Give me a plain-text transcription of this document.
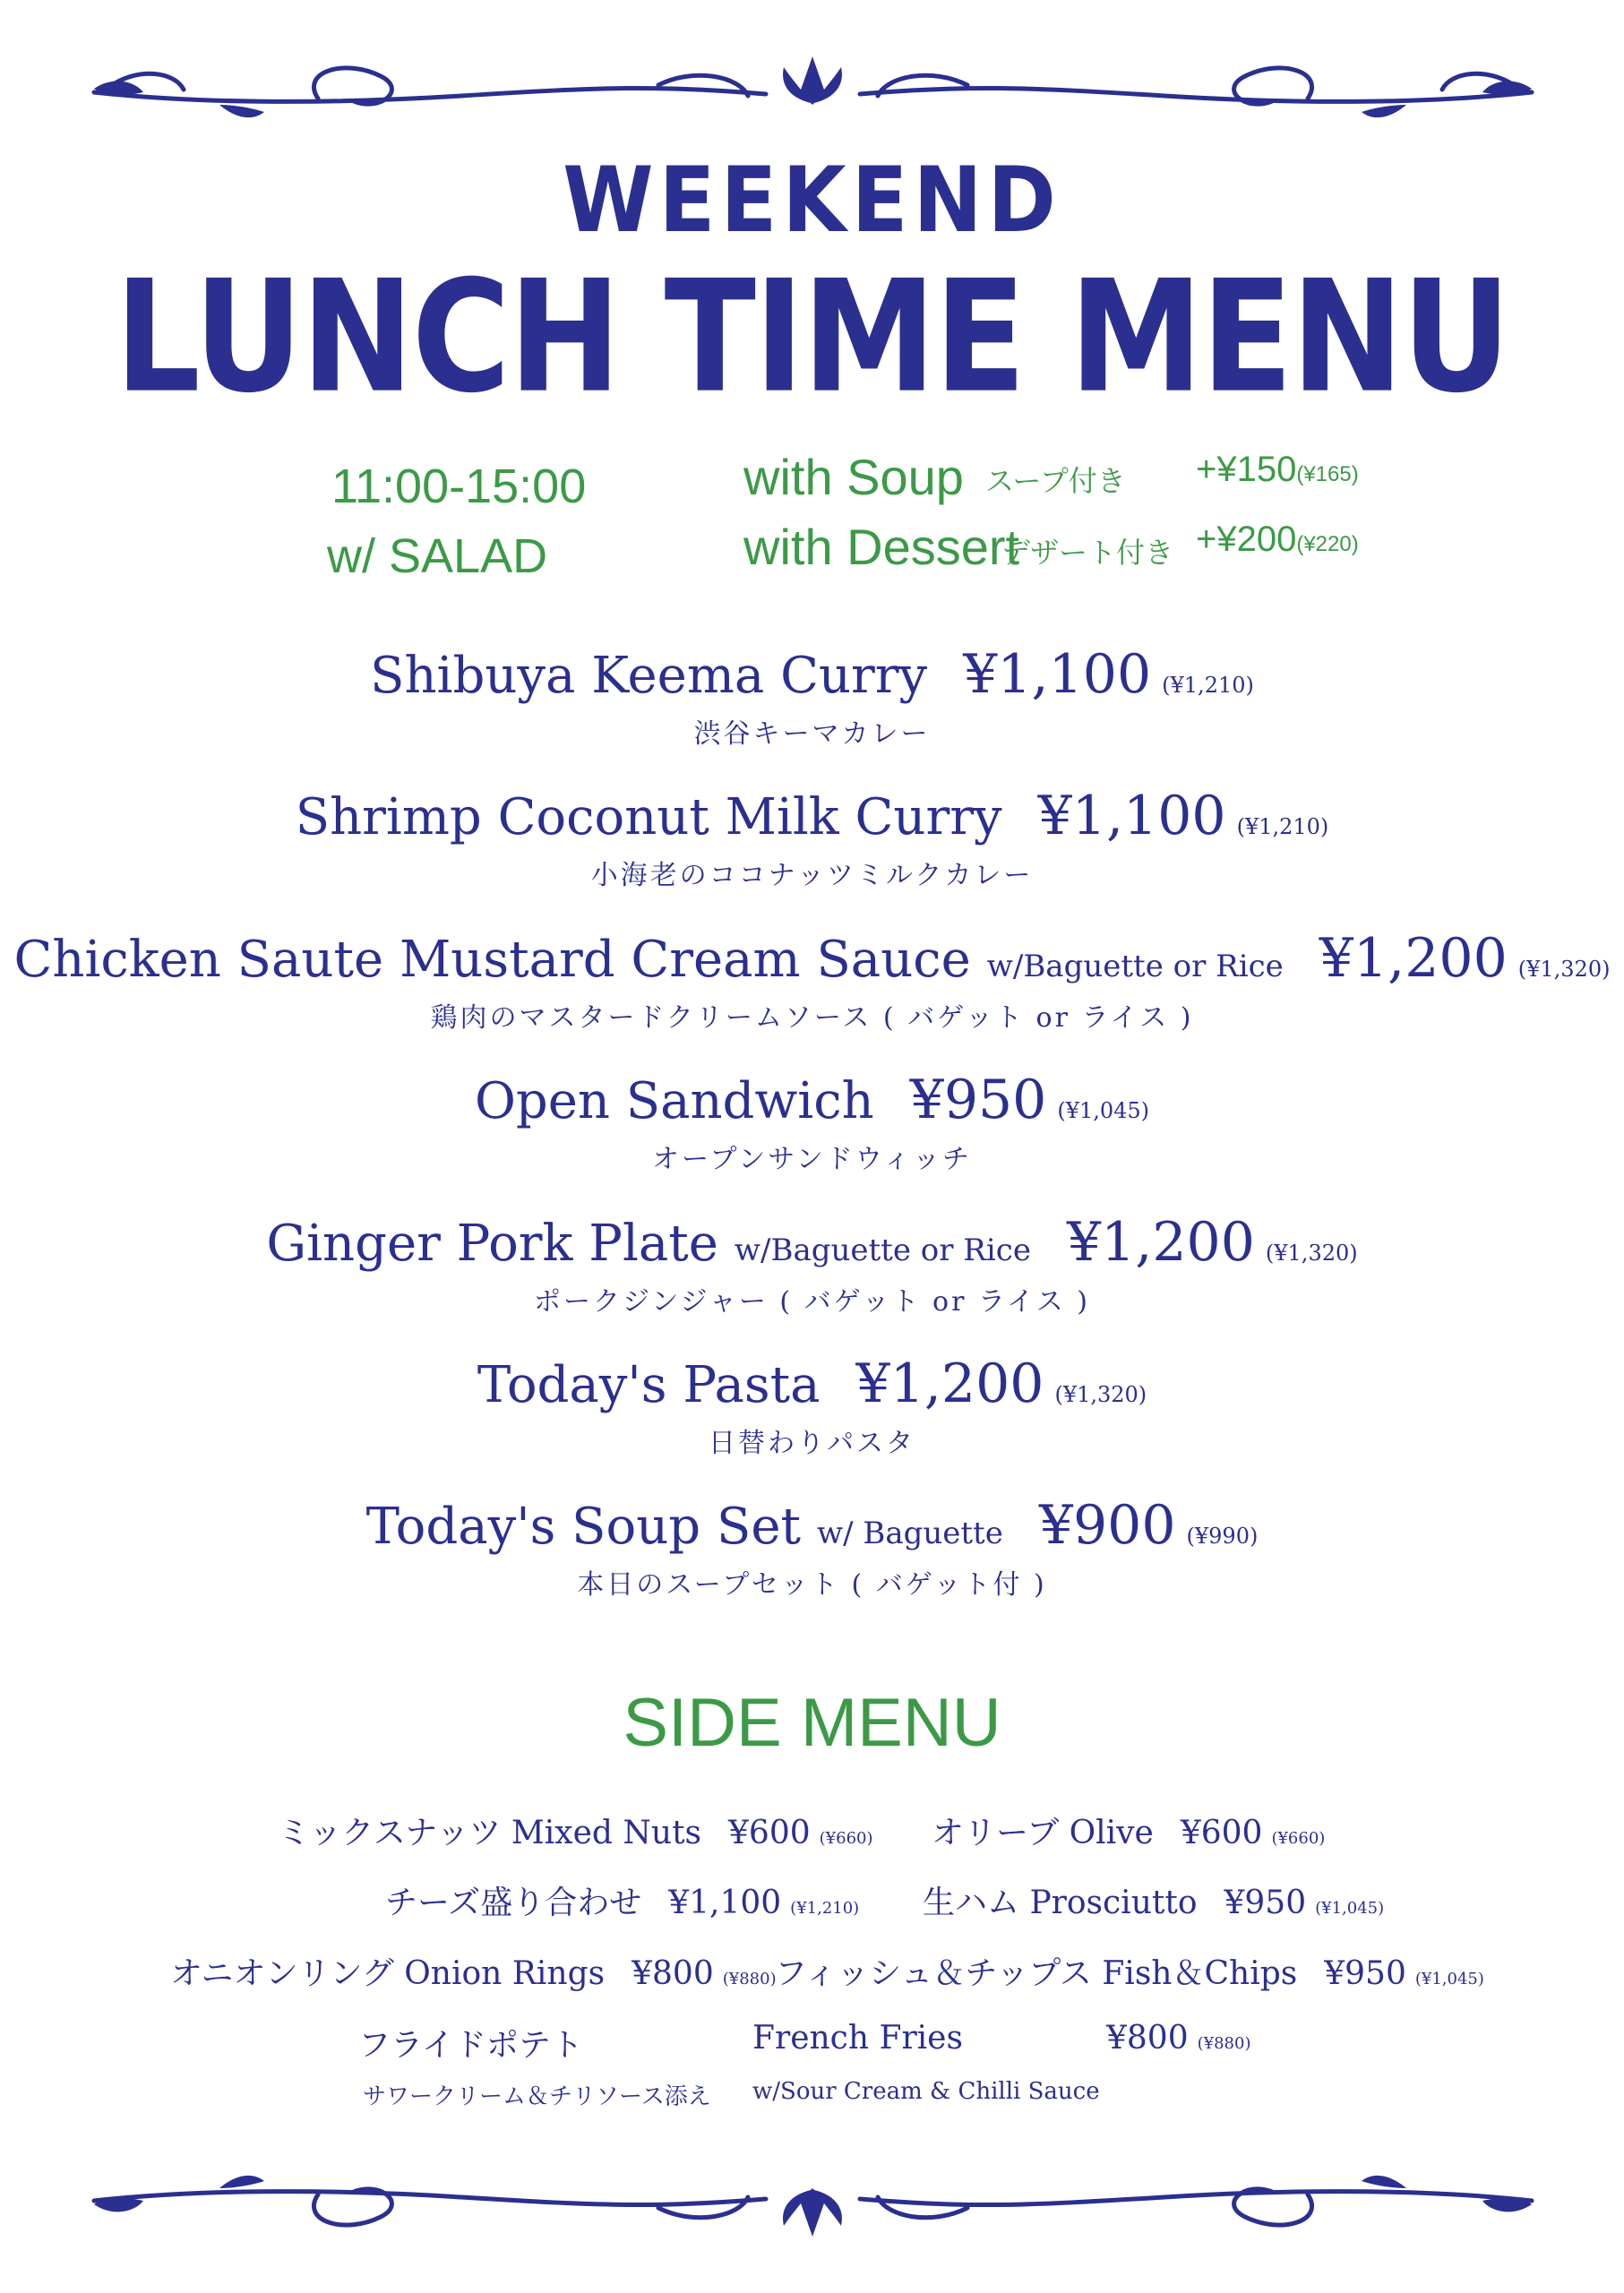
WEEKEND
LUNCH TIME MENU
11:00-15:00
w/ SALAD
with Soup スープ付き +¥150(¥165)
with Dessert
デザート付き +¥200(¥220)
Shibuya Keema Curry ¥1,100 (¥1,210)
渋谷キーマカレー
Shrimp Coconut Milk Curry ¥1,100 (¥1,210)
小海老のココナッツミルクカレー
Chicken Saute Mustard Cream Sauce w/Baguette or Rice ¥1,200 (¥1,320)
鶏肉のマスタードクリームソース ( バゲット or ライス )
Open Sandwich ¥950 (¥1,045)
オープンサンドウィッチ
Ginger Pork Plate w/Baguette or Rice ¥1,200 (¥1,320)
ポークジンジャー ( バゲット or ライス )
Today's Pasta ¥1,200 (¥1,320)
日替わりパスタ
Today's Soup Set w/ Baguette ¥900 (¥990)
本日のスープセット ( バゲット付 )
SIDE MENU
ミックスナッツ Mixed Nuts ¥600 (¥660) オリーブ Olive ¥600 (¥660)
チーズ盛り合わせ ¥1,100 (¥1,210) 生ハム Prosciutto ¥950 (¥1,045)
オニオンリング Onion Rings ¥800 (¥880)
フィッシュ＆チップス Fish＆Chips ¥950 (¥1,045)
フライドポテト	French Fries	¥800 (¥880)
サワークリーム＆チリソース添え w/Sour Cream & Chilli Sauce
